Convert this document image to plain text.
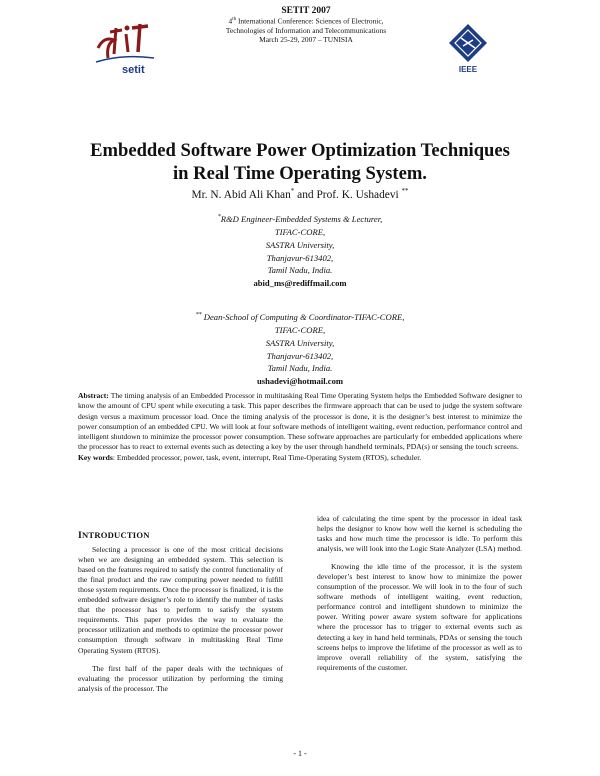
setit
SETIT 2007
4th International Conference: Sciences of Electronic,
Technologies of Information and Telecommunications
March 25-29, 2007 – TUNISIA
IEEE
Embedded Software Power Optimization Techniques
in Real Time Operating System.
Mr. N. Abid Ali Khan* and Prof. K. Ushadevi **
*R&D Engineer-Embedded Systems & Lecturer,
TIFAC-CORE,
SASTRA University,
Thanjavur-613402,
Tamil Nadu, India.
abid_ms@rediffmail.com
** Dean-School of Computing & Coordinator-TIFAC-CORE,
TIFAC-CORE,
SASTRA University,
Thanjavur-613402,
Tamil Nadu, India.
ushadevi@hotmail.com
Abstract: The timing analysis of an Embedded Processor in multitasking Real Time Operating System helps the Embedded Software designer to know the amount of CPU spent while executing a task. This paper describes the firmware approach that can be used to judge the system software design versus a maximum processor load. Once the timing analysis of the processor is done, it is the designer’s best interest to minimize the power consumption of an embedded CPU. We will look at four software methods of intelligent waiting, event reduction, performance control and intelligent shutdown to minimize the processor power consumption. These software approaches are particularly for embedded applications where the processor has to react to external events such as detecting a key by the user through handheld terminals, PDA(s) or sensing the touch screens.
Key words: Embedded processor, power, task, event, interrupt, Real Time-Operating System (RTOS), scheduler.
INTRODUCTION

Selecting a processor is one of the most critical decisions when we are designing an embedded system. This selection is based on the features required to satisfy the control functionality of the final product and the raw computing power needed to fulfill those system requirements. Once the processor is finalized, it is the embedded software designer’s role to identify the number of tasks that the processor has to perform to satisfy the system requirements. This paper provides the way to evaluate the processor utilization and methods to optimize the processor power consumption through software in multitasking Real Time Operating System (RTOS).

The first half of the paper deals with the techniques of evaluating the processor utilization by performing the timing analysis of the processor. The

idea of calculating the time spent by the processor in ideal task helps the designer to know how well the kernel is scheduling the tasks and how much time the processor is idle. To perform this analysis, we will look into the Logic State Analyzer (LSA) method.

Knowing the idle time of the processor, it is the system developer’s best interest to know how to minimize the power consumption of the processor. We will look in to the four of such software methods of intelligent waiting, event reduction, performance control and intelligent shutdown to minimize the power. Writing power aware system software for applications where the processor has to trigger to external events such as detecting a key in hand held terminals, PDAs or sensing the touch screens helps to improve the lifetime of the processor as well as to improve overall reliability of the system, satisfying the requirements of the customer.

- 1 -
